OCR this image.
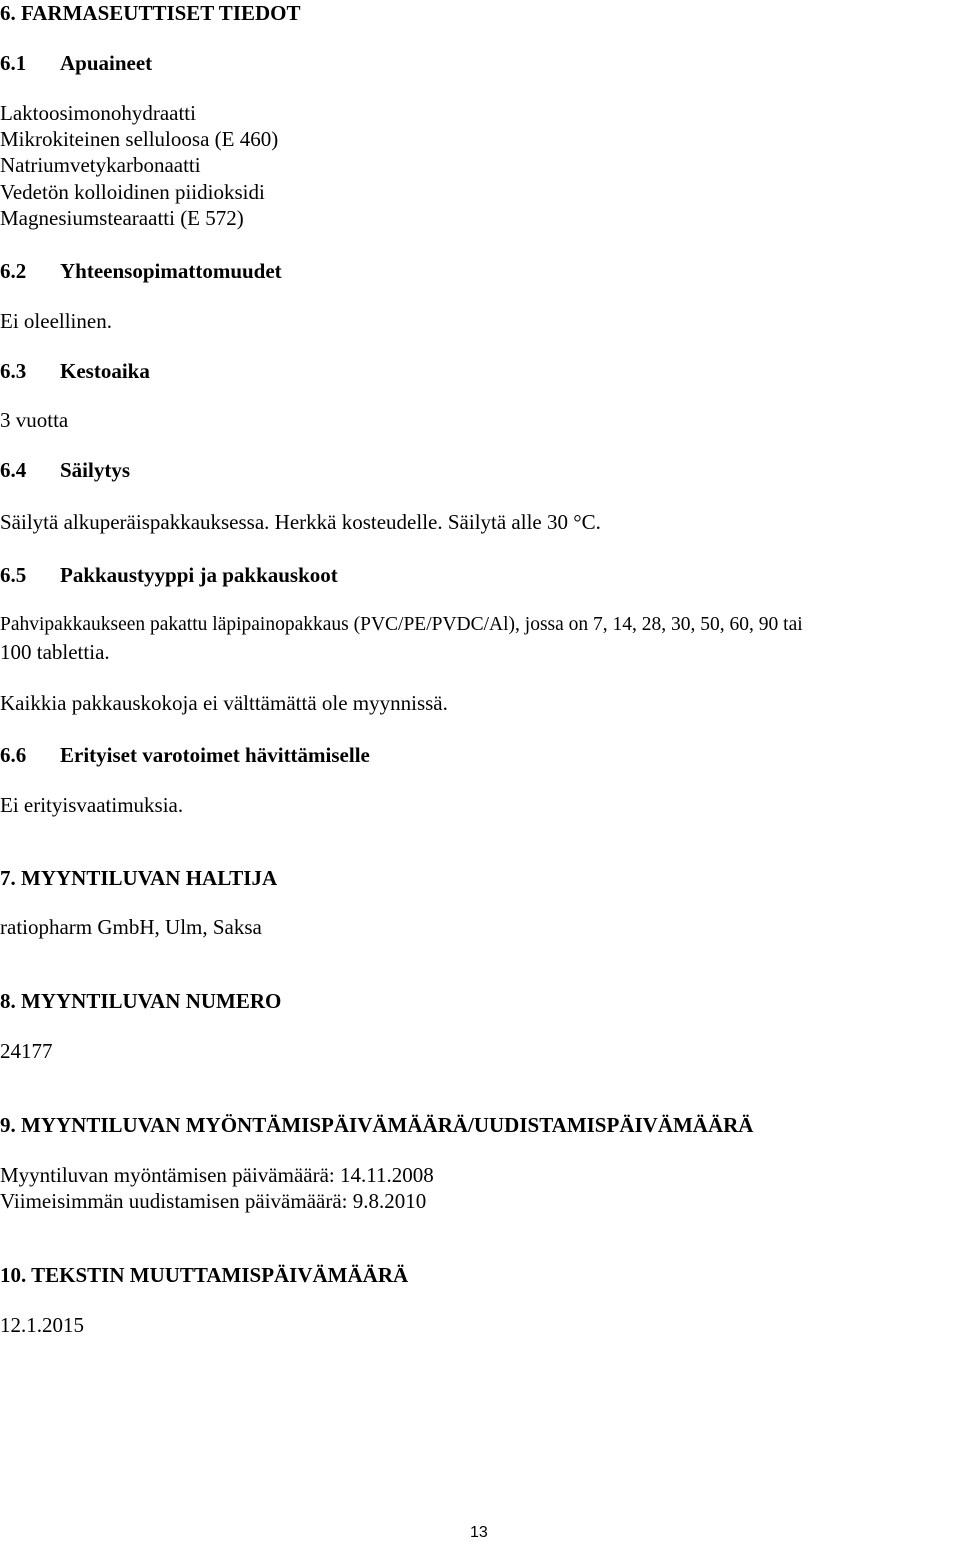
6. FARMASEUTTISET TIEDOT
6.1 Apuaineet
Laktoosimonohydraatti
Mikrokiteinen selluloosa (E 460)
Natriumvetykarbonaatti
Vedetön kolloidinen piidioksidi
Magnesiumstearaatti (E 572)
6.2 Yhteensopimattomuudet
Ei oleellinen.
6.3 Kestoaika
3 vuotta
6.4 Säilytys
Säilytä alkuperäispakkauksessa. Herkkä kosteudelle. Säilytä alle 30 °C.
6.5 Pakkaustyyppi ja pakkauskoot
Pahvipakkaukseen pakattu läpipainopakkaus (PVC/PE/PVDC/Al), jossa on 7, 14, 28, 30, 50, 60, 90 tai
100 tablettia.
Kaikkia pakkauskokoja ei välttämättä ole myynnissä.
6.6 Erityiset varotoimet hävittämiselle
Ei erityisvaatimuksia.
7. MYYNTILUVAN HALTIJA
ratiopharm GmbH, Ulm, Saksa
8. MYYNTILUVAN NUMERO
24177
9. MYYNTILUVAN MYÖNTÄMISPÄIVÄMÄÄRÄ/UUDISTAMISPÄIVÄMÄÄRÄ
Myyntiluvan myöntämisen päivämäärä: 14.11.2008
Viimeisimmän uudistamisen päivämäärä: 9.8.2010
10. TEKSTIN MUUTTAMISPÄIVÄMÄÄRÄ
12.1.2015
13
